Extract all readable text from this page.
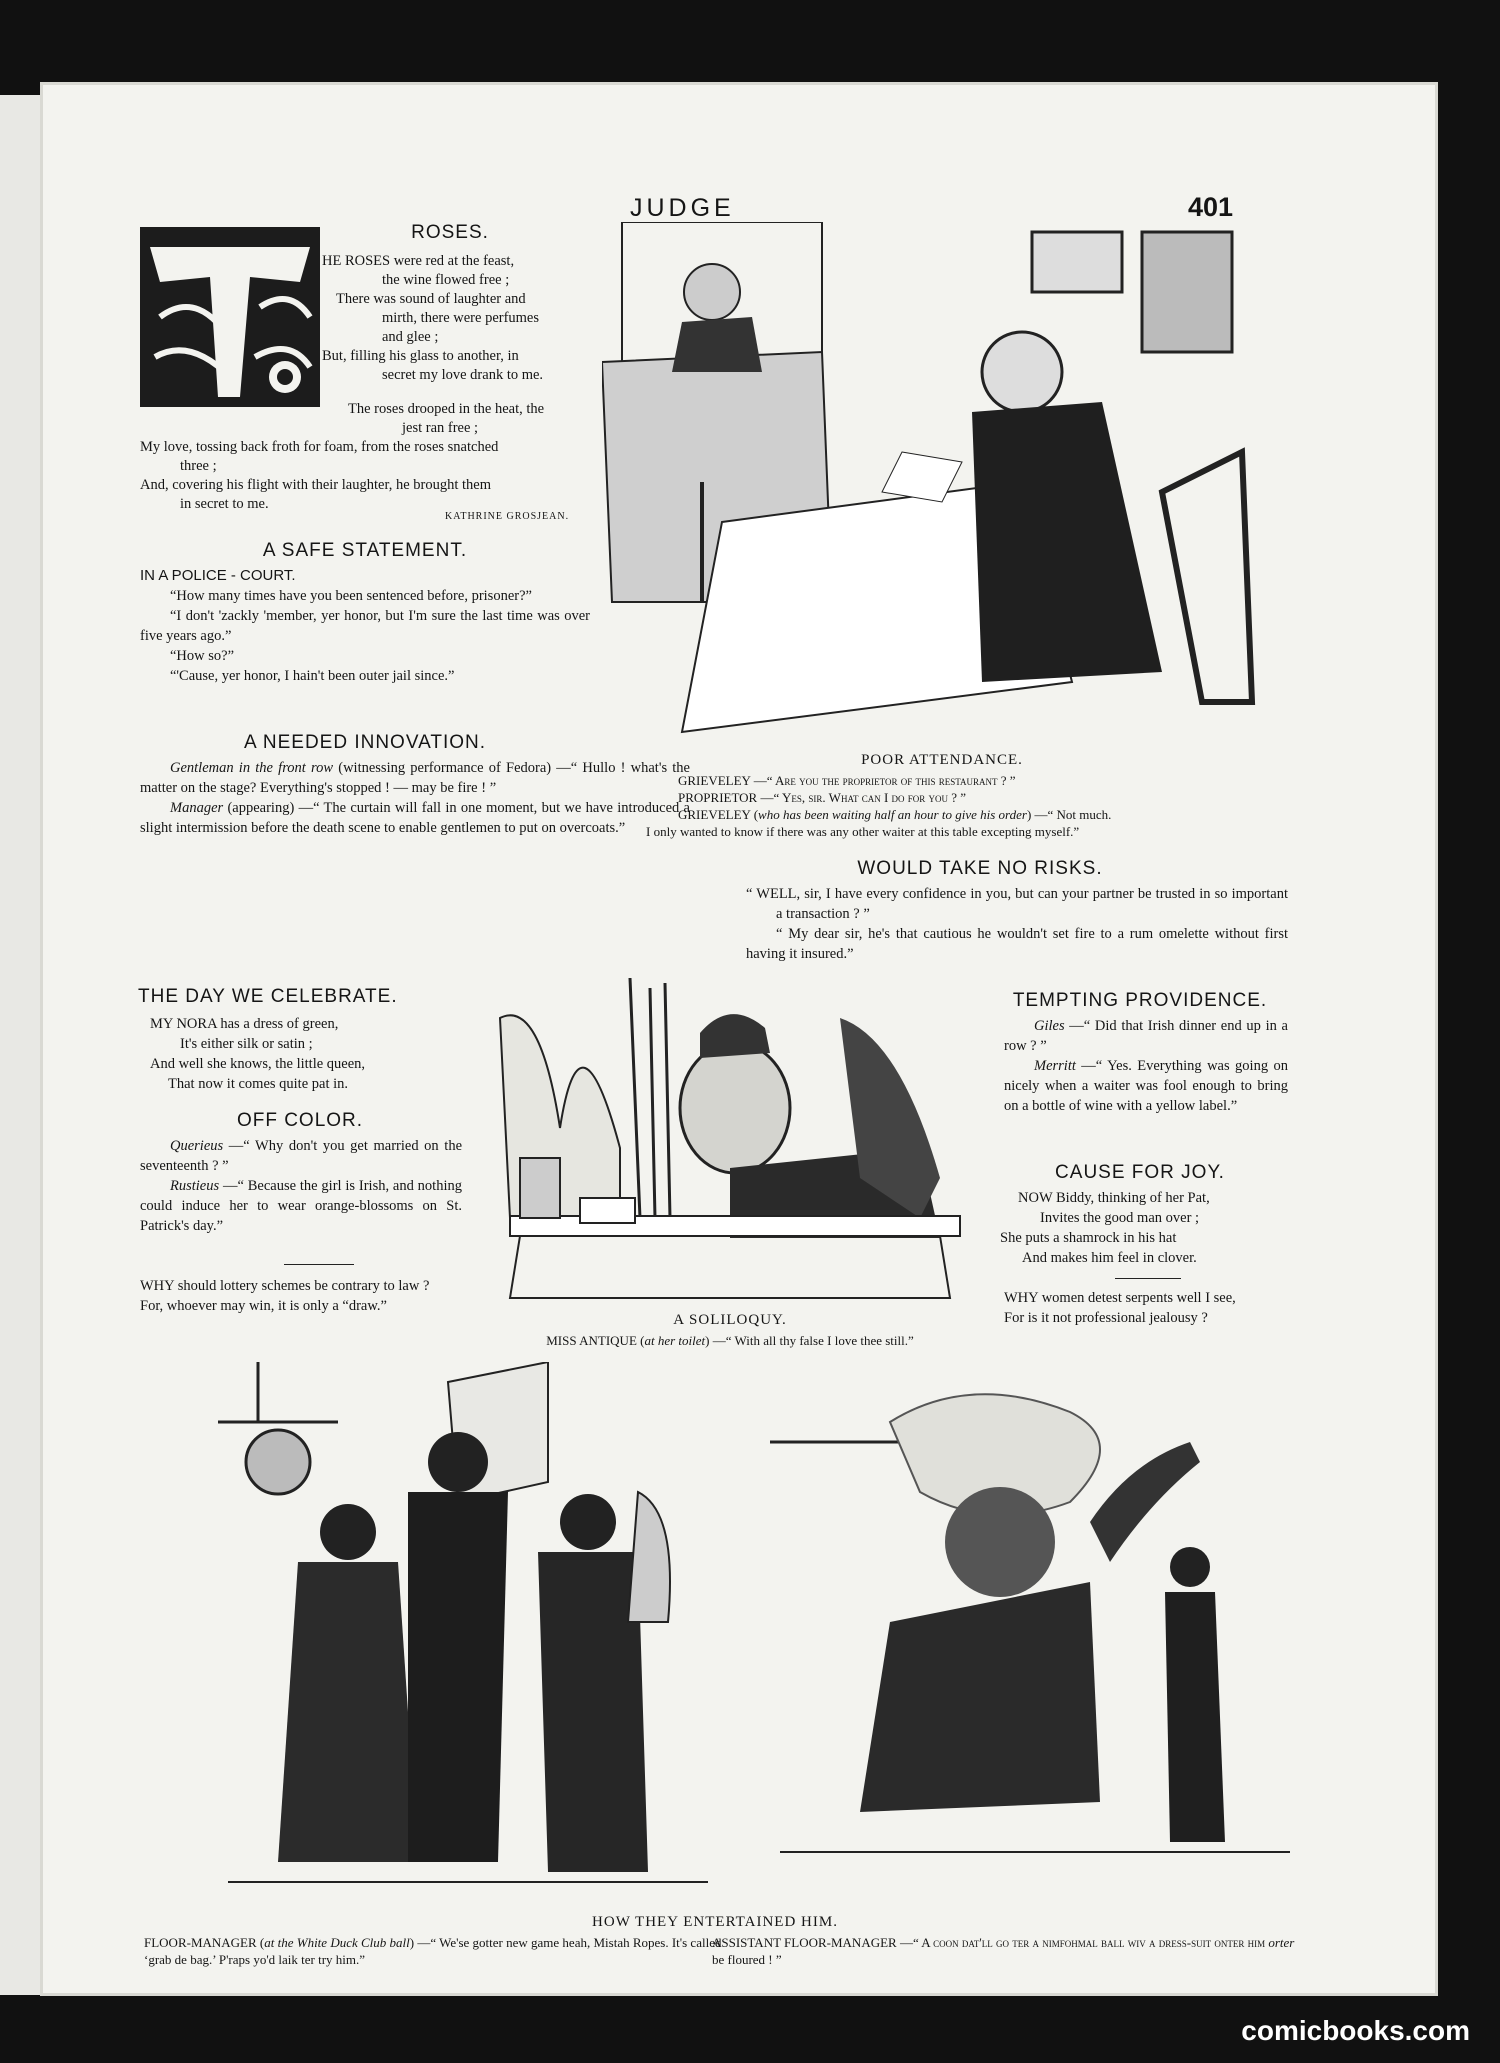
JUDGE	401
ROSES.

HE ROSES were red at the feast,

the wine flowed free ;

There was sound of laughter and

mirth, there were perfumes

and glee ;

But, filling his glass to another, in

secret my love drank to me.

The roses drooped in the heat, the

jest ran free ;

My love, tossing back froth for foam, from the roses snatched

three ;

And, covering his flight with their laughter, he brought them

in secret to me.

KATHRINE GROSJEAN.
A SAFE STATEMENT.

IN A POLICE - COURT.

“How many times have you been sentenced before, prisoner?”

“I don't 'zackly 'member, yer honor, but I'm sure the last time was over five years ago.”

“How so?”

“'Cause, yer honor, I hain't been outer jail since.”

A NEEDED INNOVATION.

Gentleman in the front row (witnessing performance of Fedora) —“ Hullo ! what's the matter on the stage? Everything's stopped ! — may be fire ! ”

Manager (appearing) —“ The curtain will fall in one moment, but we have introduced a slight intermission before the death scene to enable gentlemen to put on overcoats.”

POOR ATTENDANCE.
GRIEVELEY —“ Are you the proprietor of this restaurant ? ”
PROPRIETOR —“ Yes, sir. What can I do for you ? ”
GRIEVELEY (who has been waiting half an hour to give his order) —“ Not much.
I only wanted to know if there was any other waiter at this table excepting myself.”
WOULD TAKE NO RISKS.

“ WELL, sir, I have every confidence in you, but can your partner be trusted in so important a transaction ? ”

“ My dear sir, he's that cautious he wouldn't set fire to a rum omelette without first having it insured.”

THE DAY WE CELEBRATE.

MY NORA has a dress of green,

It's either silk or satin ;

And well she knows, the little queen,

That now it comes quite pat in.

OFF COLOR.

Querieus —“ Why don't you get married on the seventeenth ? ”

Rustieus —“ Because the girl is Irish, and nothing could induce her to wear orange-blossoms on St. Patrick's day.”

WHY should lottery schemes be contrary to law ?

For, whoever may win, it is only a “draw.”

A SOLILOQUY.
MISS ANTIQUE (at her toilet) —“ With all thy false I love thee still.”
TEMPTING PROVIDENCE.

Giles —“ Did that Irish dinner end up in a row ? ”

Merritt —“ Yes. Everything was going on nicely when a waiter was fool enough to bring on a bottle of wine with a yellow label.”

CAUSE FOR JOY.

NOW Biddy, thinking of her Pat,

Invites the good man over ;

She puts a shamrock in his hat

And makes him feel in clover.

WHY women detest serpents well I see,

For is it not professional jealousy ?

HOW THEY ENTERTAINED HIM.
FLOOR-MANAGER (at the White Duck Club ball) —“ We'se gotter new game heah, Mistah Ropes. It's called ‘grab de bag.’ P'raps yo'd laik ter try him.”
ASSISTANT FLOOR-MANAGER —“ A coon dat'll go ter a nimfohmal ball wiv a dress-suit onter him orter be floured ! ”
comicbooks.com
